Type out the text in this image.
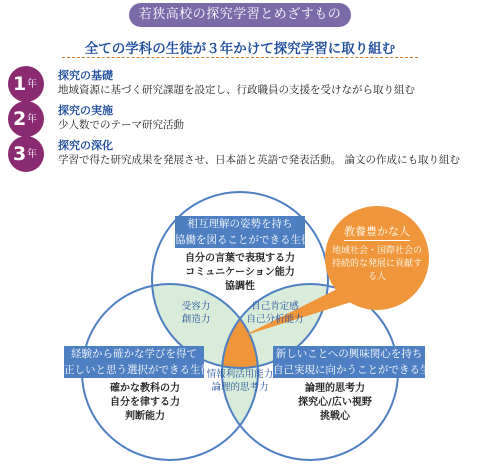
若狭高校の探究学習とめざすもの
全ての学科の生徒が３年かけて探究学習に取り組む
1 年
探究の基礎
地域資源に基づく研究課題を設定し、行政職員の支援を受けながら取り組む
2 年
探究の実施
少人数でのテーマ研究活動
3 年
探究の深化
学習で得た研究成果を発展させ、日本語と英語で発表活動。 論文の作成にも取り組む
相互理解の姿勢を持ち
協働を図ることができる生徒
自分の言葉で表現する力
コミュニケーション能力
協調性
経験から確かな学びを得て
正しいと思う選択ができる生徒
確かな教科の力
自分を律する力
判断能力
新しいことへの興味関心を持ち
自己実現に向かうことができる生徒
論理的思考力
探究心/広い視野
挑戦心
受容力
創造力
自己肯定感
自己分析能力
情報利活用能力
論理的思考力
教養豊かな人
地域社会・国際社会の持続的な発展に貢献する人
